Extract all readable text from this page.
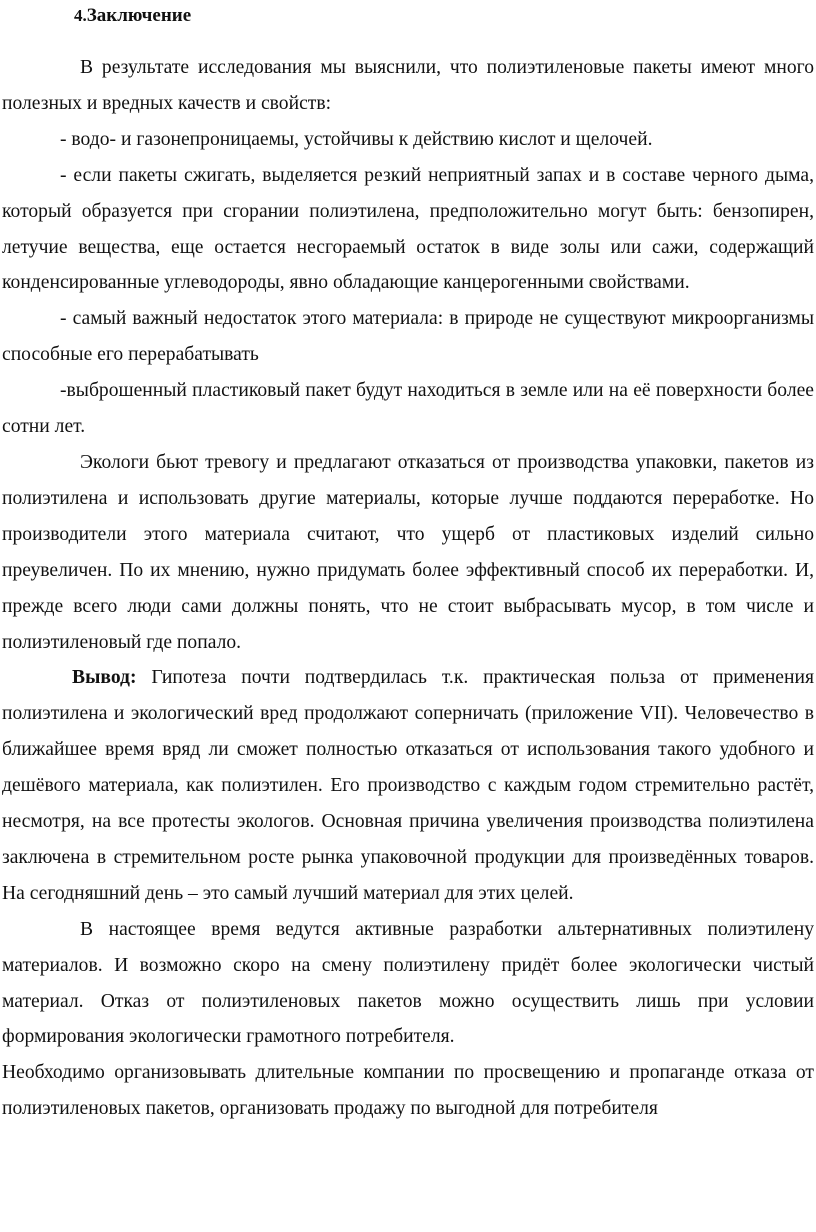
4.Заключение

В результате исследования мы выяснили, что полиэтиленовые пакеты имеют много полезных и вредных качеств и свойств:

- водо- и газонепроницаемы, устойчивы к действию кислот и щелочей.

- если пакеты сжигать, выделяется резкий неприятный запах и в составе черного дыма, который образуется при сгорании полиэтилена, предположительно могут быть: бензопирен, летучие вещества, еще остается несгораемый остаток в виде золы или сажи, содержащий конденсированные углеводороды, явно обладающие канцерогенными свойствами.

- самый важный недостаток этого материала: в природе не существуют микроорганизмы способные его перерабатывать

-выброшенный пластиковый пакет будут находиться в земле или на её поверхности более сотни лет.

Экологи бьют тревогу и предлагают отказаться от производства упаковки, пакетов из полиэтилена и использовать другие материалы, которые лучше поддаются переработке. Но производители этого материала считают, что ущерб от пластиковых изделий сильно преувеличен. По их мнению, нужно придумать более эффективный способ их переработки. И, прежде всего люди сами должны понять, что не стоит выбрасывать мусор, в том числе и полиэтиленовый где попало.

Вывод: Гипотеза почти подтвердилась т.к. практическая польза от применения полиэтилена и экологический вред продолжают соперничать (приложение VII). Человечество в ближайшее время вряд ли сможет полностью отказаться от использования такого удобного и дешёвого материала, как полиэтилен. Его производство с каждым годом стремительно растёт, несмотря, на все протесты экологов. Основная причина увеличения производства полиэтилена заключена в стремительном росте рынка упаковочной продукции для произведённых товаров. На сегодняшний день – это самый лучший материал для этих целей.

В настоящее время ведутся активные разработки альтернативных полиэтилену материалов. И возможно скоро на смену полиэтилену придёт более экологически чистый материал. Отказ от полиэтиленовых пакетов можно осуществить лишь при условии формирования экологически грамотного потребителя.

Необходимо организовывать длительные компании по просвещению и пропаганде отказа от полиэтиленовых пакетов, организовать продажу по выгодной для потребителя
